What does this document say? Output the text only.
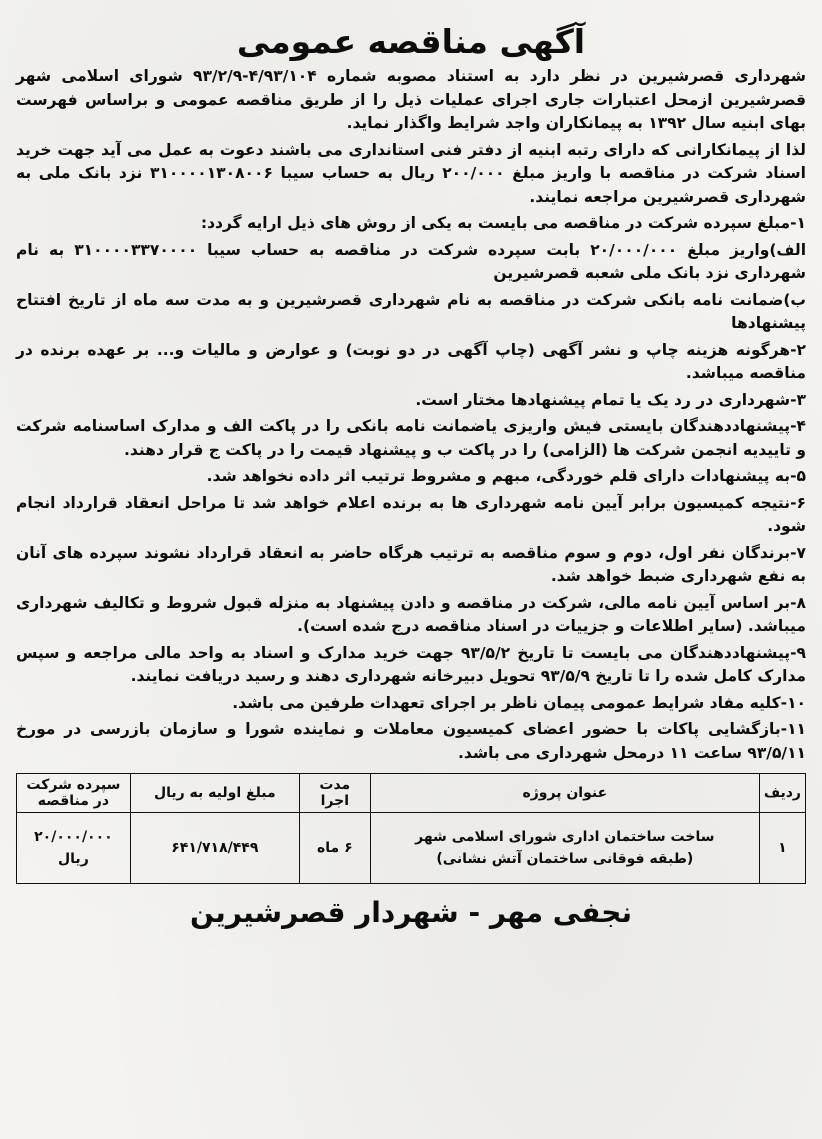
آگهی مناقصه عمومی

شهرداری قصرشیرین در نظر دارد به استناد مصوبه شماره ۴/۹۳/۱۰۴-۹۳/۲/۹ شورای اسلامی شهر قصرشیرین ازمحل اعتبارات جاری اجرای عملیات ذیل را از طریق مناقصه عمومی و براساس فهرست بهای ابنیه سال ۱۳۹۲ به پیمانکاران واجد شرایط واگذار نماید.

لذا از پیمانکارانی که دارای رتبه ابنیه از دفتر فنی استانداری می باشند دعوت به عمل می آید جهت خرید اسناد شرکت در مناقصه با واریز مبلغ ۲۰۰/۰۰۰ ریال به حساب سیبا ۳۱۰۰۰۰۱۳۰۸۰۰۶ نزد بانک ملی به شهرداری قصرشیرین مراجعه نمایند.

۱-مبلغ سپرده شرکت در مناقصه می بایست به یکی از روش های ذیل ارایه گردد:

الف)واریز مبلغ ۲۰/۰۰۰/۰۰۰ بابت سپرده شرکت در مناقصه به حساب سیبا ۳۱۰۰۰۰۳۳۷۰۰۰۰ به نام شهرداری نزد بانک ملی شعبه قصرشیرین

ب)ضمانت نامه بانکی شرکت در مناقصه به نام شهرداری قصرشیرین و به مدت سه ماه از تاریخ افتتاح پیشنهادها

۲-هرگونه هزینه چاپ و نشر آگهی (چاپ آگهی در دو نوبت) و عوارض و مالیات و... بر عهده برنده در مناقصه میباشد.

۳-شهرداری در رد یک یا تمام پیشنهادها مختار است.

۴-پیشنهاددهندگان بایستی فیش واریزی یاضمانت نامه بانکی را در پاکت الف و مدارک اساسنامه شرکت و تاییدیه انجمن شرکت ها (الزامی) را در پاکت ب و پیشنهاد قیمت را در پاکت ج قرار دهند.

۵-به پیشنهادات دارای قلم خوردگی، مبهم و مشروط ترتیب اثر داده نخواهد شد.

۶-نتیجه کمیسیون برابر آیین نامه شهرداری ها به برنده اعلام خواهد شد تا مراحل انعقاد قرارداد انجام شود.

۷-برندگان نفر اول، دوم و سوم مناقصه به ترتیب هرگاه حاضر به انعقاد قرارداد نشوند سپرده های آنان به نفع شهرداری ضبط خواهد شد.

۸-بر اساس آیین نامه مالی، شرکت در مناقصه و دادن پیشنهاد به منزله قبول شروط و تکالیف شهرداری میباشد. (سایر اطلاعات و جزییات در اسناد مناقصه درج شده است).

۹-پیشنهاددهندگان می بایست تا تاریخ ۹۳/۵/۲ جهت خرید مدارک و اسناد به واحد مالی مراجعه و سپس مدارک کامل شده را تا تاریخ ۹۳/۵/۹ تحویل دبیرخانه شهرداری دهند و رسید دریافت نمایند.

۱۰-کلیه مفاد شرایط عمومی پیمان ناظر بر اجرای تعهدات طرفین می باشد.

۱۱-بازگشایی پاکات با حضور اعضای کمیسیون معاملات و نماینده شورا و سازمان بازرسی در مورخ ۹۳/۵/۱۱ ساعت ۱۱ درمحل شهرداری می باشد.

ردیف	عنوان پروژه	مدت اجرا	مبلغ اولیه به ریال	سپرده شرکت در مناقصه
۱	ساخت ساختمان اداری شورای اسلامی شهر
(طبقه فوقانی ساختمان آتش نشانی)	۶ ماه	۶۴۱/۷۱۸/۴۴۹	۲۰/۰۰۰/۰۰۰ ریال
نجفی مهر - شهردار قصرشیرین
